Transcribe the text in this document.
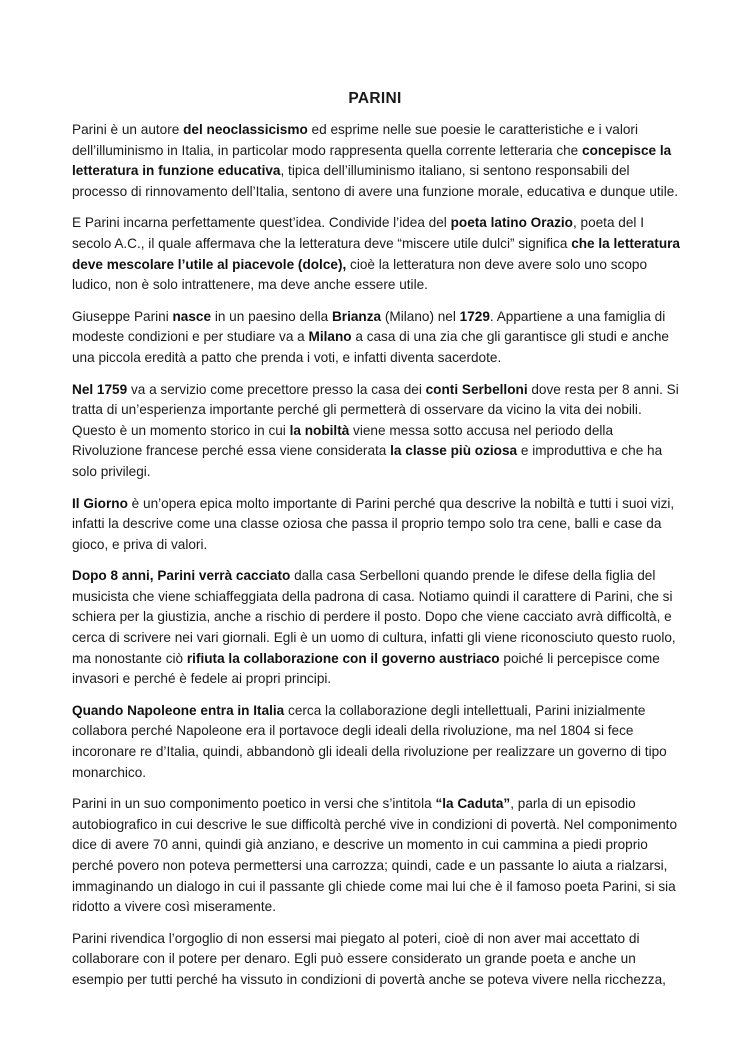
PARINI

Parini è un autore del neoclassicismo ed esprime nelle sue poesie le caratteristiche e i valori dell’illuminismo in Italia, in particolar modo rappresenta quella corrente letteraria che concepisce la letteratura in funzione educativa, tipica dell’illuminismo italiano, si sentono responsabili del processo di rinnovamento dell’Italia, sentono di avere una funzione morale, educativa e dunque utile.

E Parini incarna perfettamente quest’idea. Condivide l’idea del poeta latino Orazio, poeta del I secolo A.C., il quale affermava che la letteratura deve “miscere utile dulci” significa che la letteratura deve mescolare l’utile al piacevole (dolce), cioè la letteratura non deve avere solo uno scopo ludico, non è solo intrattenere, ma deve anche essere utile.

Giuseppe Parini nasce in un paesino della Brianza (Milano) nel 1729. Appartiene a una famiglia di modeste condizioni e per studiare va a Milano a casa di una zia che gli garantisce gli studi e anche una piccola eredità a patto che prenda i voti, e infatti diventa sacerdote.

Nel 1759 va a servizio come precettore presso la casa dei conti Serbelloni dove resta per 8 anni. Si tratta di un’esperienza importante perché gli permetterà di osservare da vicino la vita dei nobili. Questo è un momento storico in cui la nobiltà viene messa sotto accusa nel periodo della Rivoluzione francese perché essa viene considerata la classe più oziosa e improduttiva e che ha solo privilegi.

Il Giorno è un’opera epica molto importante di Parini perché qua descrive la nobiltà e tutti i suoi vizi, infatti la descrive come una classe oziosa che passa il proprio tempo solo tra cene, balli e case da gioco, e priva di valori.

Dopo 8 anni, Parini verrà cacciato dalla casa Serbelloni quando prende le difese della figlia del musicista che viene schiaffeggiata della padrona di casa. Notiamo quindi il carattere di Parini, che si schiera per la giustizia, anche a rischio di perdere il posto. Dopo che viene cacciato avrà difficoltà, e cerca di scrivere nei vari giornali. Egli è un uomo di cultura, infatti gli viene riconosciuto questo ruolo, ma nonostante ciò rifiuta la collaborazione con il governo austriaco poiché li percepisce come invasori e perché è fedele ai propri principi.

Quando Napoleone entra in Italia cerca la collaborazione degli intellettuali, Parini inizialmente collabora perché Napoleone era il portavoce degli ideali della rivoluzione, ma nel 1804 si fece incoronare re d’Italia, quindi, abbandonò gli ideali della rivoluzione per realizzare un governo di tipo monarchico.

Parini in un suo componimento poetico in versi che s’intitola “la Caduta”, parla di un episodio autobiografico in cui descrive le sue difficoltà perché vive in condizioni di povertà. Nel componimento dice di avere 70 anni, quindi già anziano, e descrive un momento in cui cammina a piedi proprio perché povero non poteva permettersi una carrozza; quindi, cade e un passante lo aiuta a rialzarsi, immaginando un dialogo in cui il passante gli chiede come mai lui che è il famoso poeta Parini, si sia ridotto a vivere così miseramente.

Parini rivendica l’orgoglio di non essersi mai piegato al poteri, cioè di non aver mai accettato di collaborare con il potere per denaro. Egli può essere considerato un grande poeta e anche un esempio per tutti perché ha vissuto in condizioni di povertà anche se poteva vivere nella ricchezza,
